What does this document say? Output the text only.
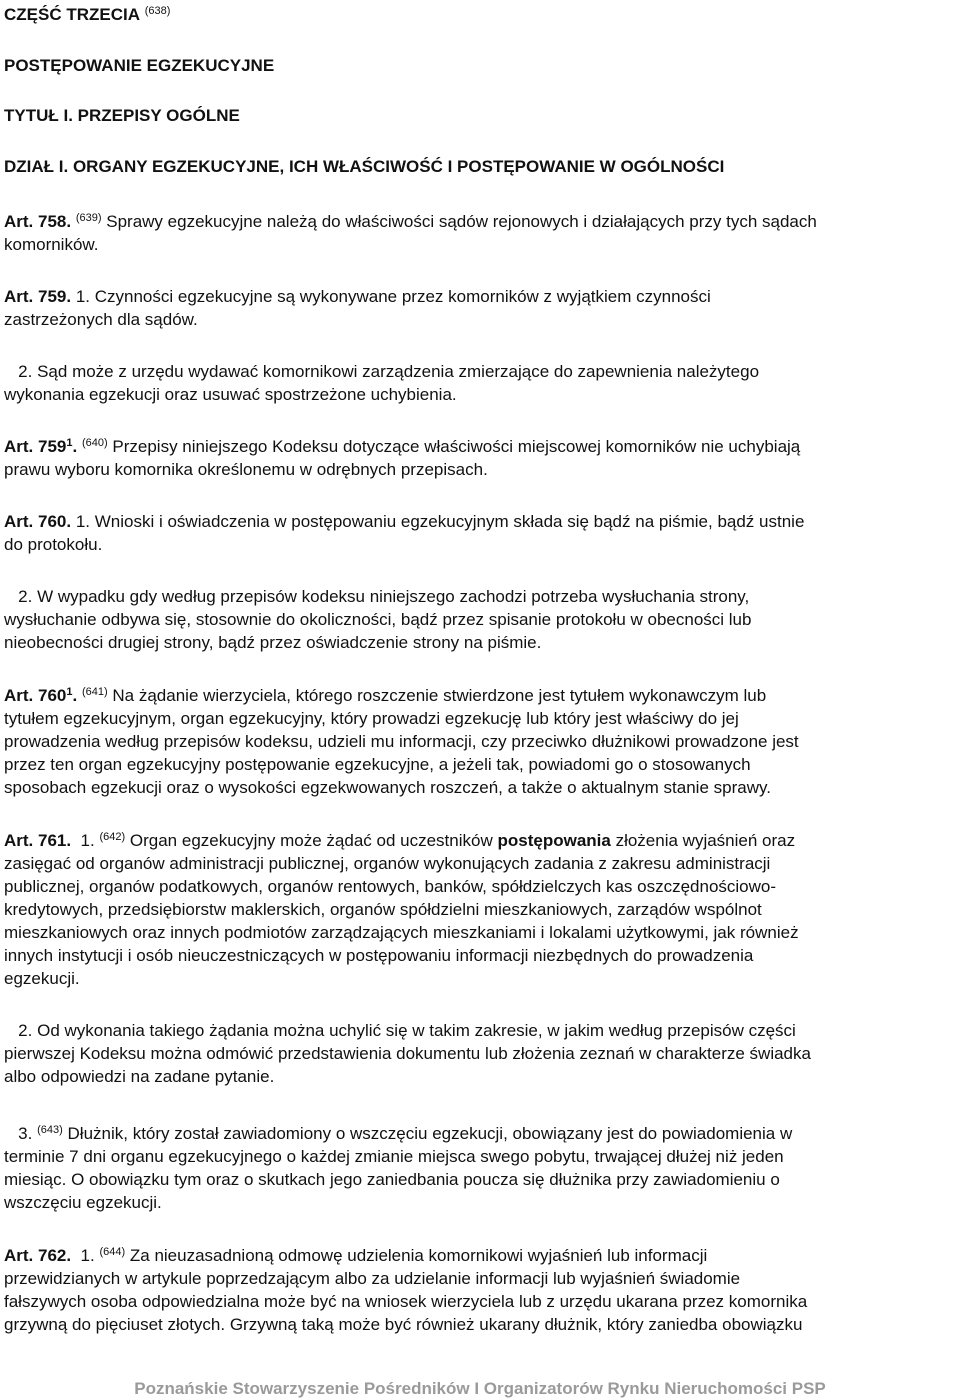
CZĘŚĆ TRZECIA $^{(638)}$
POSTĘPOWANIE EGZEKUCYJNE
TYTUŁ I. PRZEPISY OGÓLNE
DZIAŁ I. ORGANY EGZEKUCYJNE, ICH WŁAŚCIWOŚĆ I POSTĘPOWANIE W OGÓLNOŚCI
Art. 758. $^{(639)}$ Sprawy egzekucyjne należą do właściwości sądów rejonowych i działających przy tych sądach
komorników.
Art. 759. 1. Czynności egzekucyjne są wykonywane przez komorników z wyjątkiem czynności
zastrzeżonych dla sądów.
2. Sąd może z urzędu wydawać komornikowi zarządzenia zmierzające do zapewnienia należytego
wykonania egzekucji oraz usuwać spostrzeżone uchybienia.
Art. $759^1$. $^{(640)}$ Przepisy niniejszego Kodeksu dotyczące właściwości miejscowej komorników nie uchybiają
prawu wyboru komornika określonemu w odrębnych przepisach.
Art. 760. 1. Wnioski i oświadczenia w postępowaniu egzekucyjnym składa się bądź na piśmie, bądź ustnie
do protokołu.
2. W wypadku gdy według przepisów kodeksu niniejszego zachodzi potrzeba wysłuchania strony,
wysłuchanie odbywa się, stosownie do okoliczności, bądź przez spisanie protokołu w obecności lub
nieobecności drugiej strony, bądź przez oświadczenie strony na piśmie.
Art. $760^1$. $^{(641)}$ Na żądanie wierzyciela, którego roszczenie stwierdzone jest tytułem wykonawczym lub
tytułem egzekucyjnym, organ egzekucyjny, który prowadzi egzekucję lub który jest właściwy do jej
prowadzenia według przepisów kodeksu, udzieli mu informacji, czy przeciwko dłużnikowi prowadzone jest
przez ten organ egzekucyjny postępowanie egzekucyjne, a jeżeli tak, powiadomi go o stosowanych
sposobach egzekucji oraz o wysokości egzekwowanych roszczeń, a także o aktualnym stanie sprawy.
Art. 761. 1. $^{(642)}$ Organ egzekucyjny może żądać od uczestników postępowania złożenia wyjaśnień oraz
zasięgać od organów administracji publicznej, organów wykonujących zadania z zakresu administracji
publicznej, organów podatkowych, organów rentowych, banków, spółdzielczych kas oszczędnościowo-
kredytowych, przedsiębiorstw maklerskich, organów spółdzielni mieszkaniowych, zarządów wspólnot
mieszkaniowych oraz innych podmiotów zarządzających mieszkaniami i lokalami użytkowymi, jak również
innych instytucji i osób nieuczestniczących w postępowaniu informacji niezbędnych do prowadzenia
egzekucji.
2. Od wykonania takiego żądania można uchylić się w takim zakresie, w jakim według przepisów części
pierwszej Kodeksu można odmówić przedstawienia dokumentu lub złożenia zeznań w charakterze świadka
albo odpowiedzi na zadane pytanie.
3. $^{(643)}$ Dłużnik, który został zawiadomiony o wszczęciu egzekucji, obowiązany jest do powiadomienia w
terminie 7 dni organu egzekucyjnego o każdej zmianie miejsca swego pobytu, trwającej dłużej niż jeden
miesiąc. O obowiązku tym oraz o skutkach jego zaniedbania poucza się dłużnika przy zawiadomieniu o
wszczęciu egzekucji.
Art. 762. 1. $^{(644)}$ Za nieuzasadnioną odmowę udzielenia komornikowi wyjaśnień lub informacji
przewidzianych w artykule poprzedzającym albo za udzielanie informacji lub wyjaśnień świadomie
fałszywych osoba odpowiedzialna może być na wniosek wierzyciela lub z urzędu ukarana przez komornika
grzywną do pięciuset złotych. Grzywną taką może być również ukarany dłużnik, który zaniedba obowiązku
Poznańskie Stowarzyszenie Pośredników I Organizatorów Rynku Nieruchomości PSP
